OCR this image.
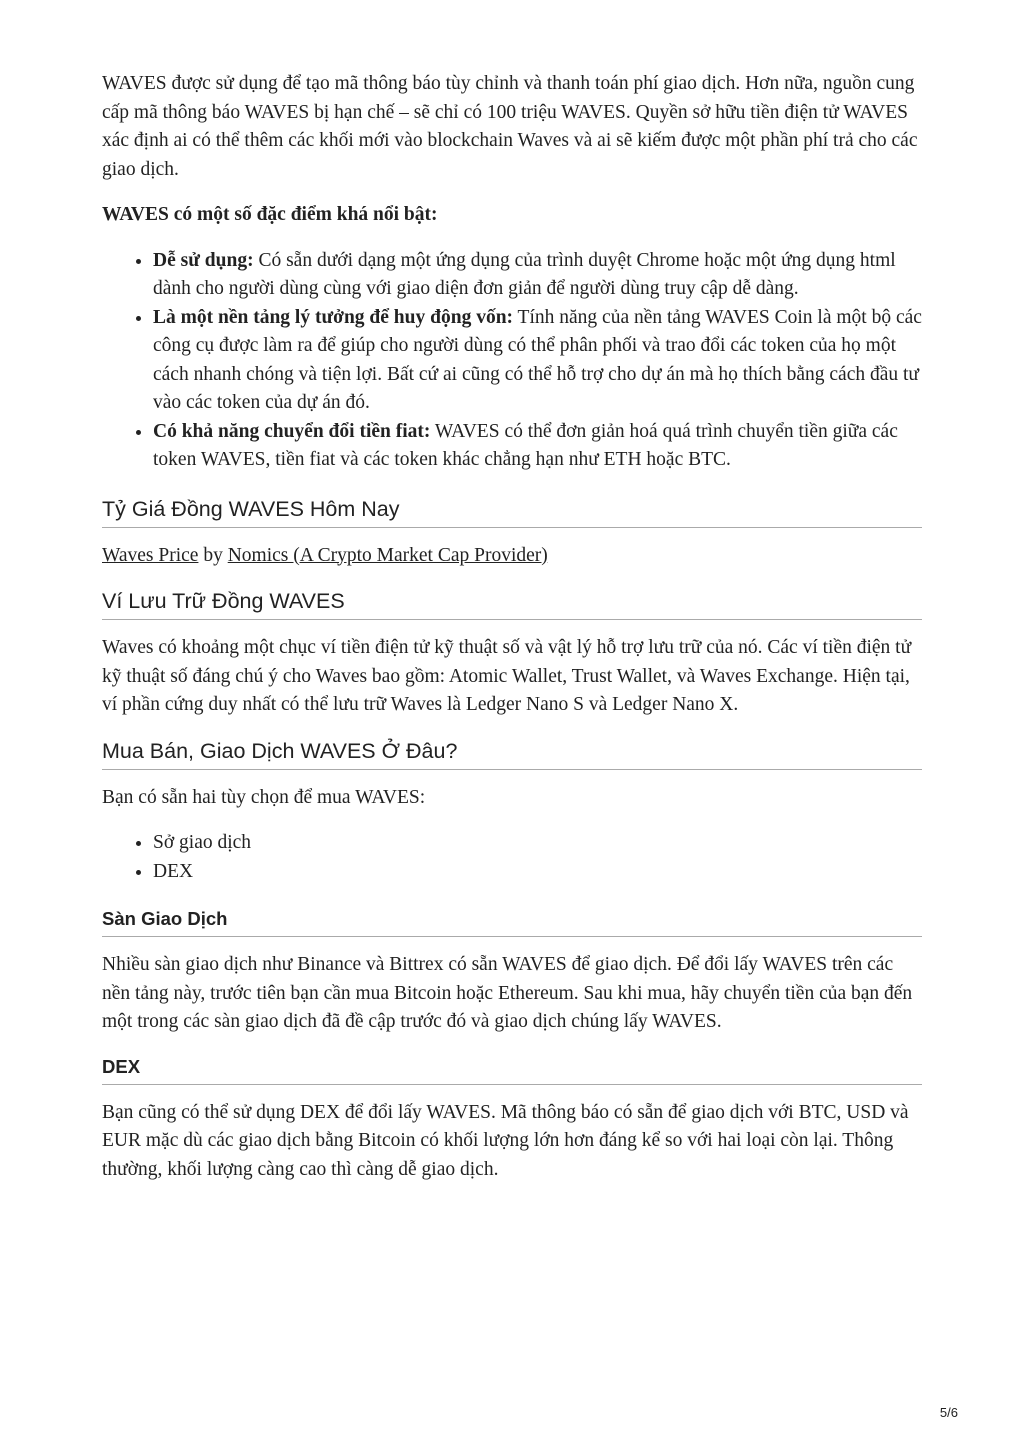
WAVES được sử dụng để tạo mã thông báo tùy chỉnh và thanh toán phí giao dịch. Hơn nữa, nguồn cung cấp mã thông báo WAVES bị hạn chế – sẽ chỉ có 100 triệu WAVES. Quyền sở hữu tiền điện tử WAVES xác định ai có thể thêm các khối mới vào blockchain Waves và ai sẽ kiếm được một phần phí trả cho các giao dịch.

WAVES có một số đặc điểm khá nổi bật:

• Dễ sử dụng: Có sẵn dưới dạng một ứng dụng của trình duyệt Chrome hoặc một ứng dụng html dành cho người dùng cùng với giao diện đơn giản để người dùng truy cập dễ dàng.
• Là một nền tảng lý tưởng để huy động vốn: Tính năng của nền tảng WAVES Coin là một bộ các công cụ được làm ra để giúp cho người dùng có thể phân phối và trao đổi các token của họ một cách nhanh chóng và tiện lợi. Bất cứ ai cũng có thể hỗ trợ cho dự án mà họ thích bằng cách đầu tư vào các token của dự án đó.
• Có khả năng chuyển đổi tiền fiat: WAVES có thể đơn giản hoá quá trình chuyển tiền giữa các token WAVES, tiền fiat và các token khác chẳng hạn như ETH hoặc BTC.
Tỷ Giá Đồng WAVES Hôm Nay

Waves Price by Nomics (A Crypto Market Cap Provider)

Ví Lưu Trữ Đồng WAVES

Waves có khoảng một chục ví tiền điện tử kỹ thuật số và vật lý hỗ trợ lưu trữ của nó. Các ví tiền điện tử kỹ thuật số đáng chú ý cho Waves bao gồm: Atomic Wallet, Trust Wallet, và Waves Exchange. Hiện tại, ví phần cứng duy nhất có thể lưu trữ Waves là Ledger Nano S và Ledger Nano X.

Mua Bán, Giao Dịch WAVES Ở Đâu?

Bạn có sẵn hai tùy chọn để mua WAVES:

• Sở giao dịch
• DEX
Sàn Giao Dịch

Nhiều sàn giao dịch như Binance và Bittrex có sẵn WAVES để giao dịch. Để đổi lấy WAVES trên các nền tảng này, trước tiên bạn cần mua Bitcoin hoặc Ethereum. Sau khi mua, hãy chuyển tiền của bạn đến một trong các sàn giao dịch đã đề cập trước đó và giao dịch chúng lấy WAVES.

DEX

Bạn cũng có thể sử dụng DEX để đổi lấy WAVES. Mã thông báo có sẵn để giao dịch với BTC, USD và EUR mặc dù các giao dịch bằng Bitcoin có khối lượng lớn hơn đáng kể so với hai loại còn lại. Thông thường, khối lượng càng cao thì càng dễ giao dịch.

5/6
